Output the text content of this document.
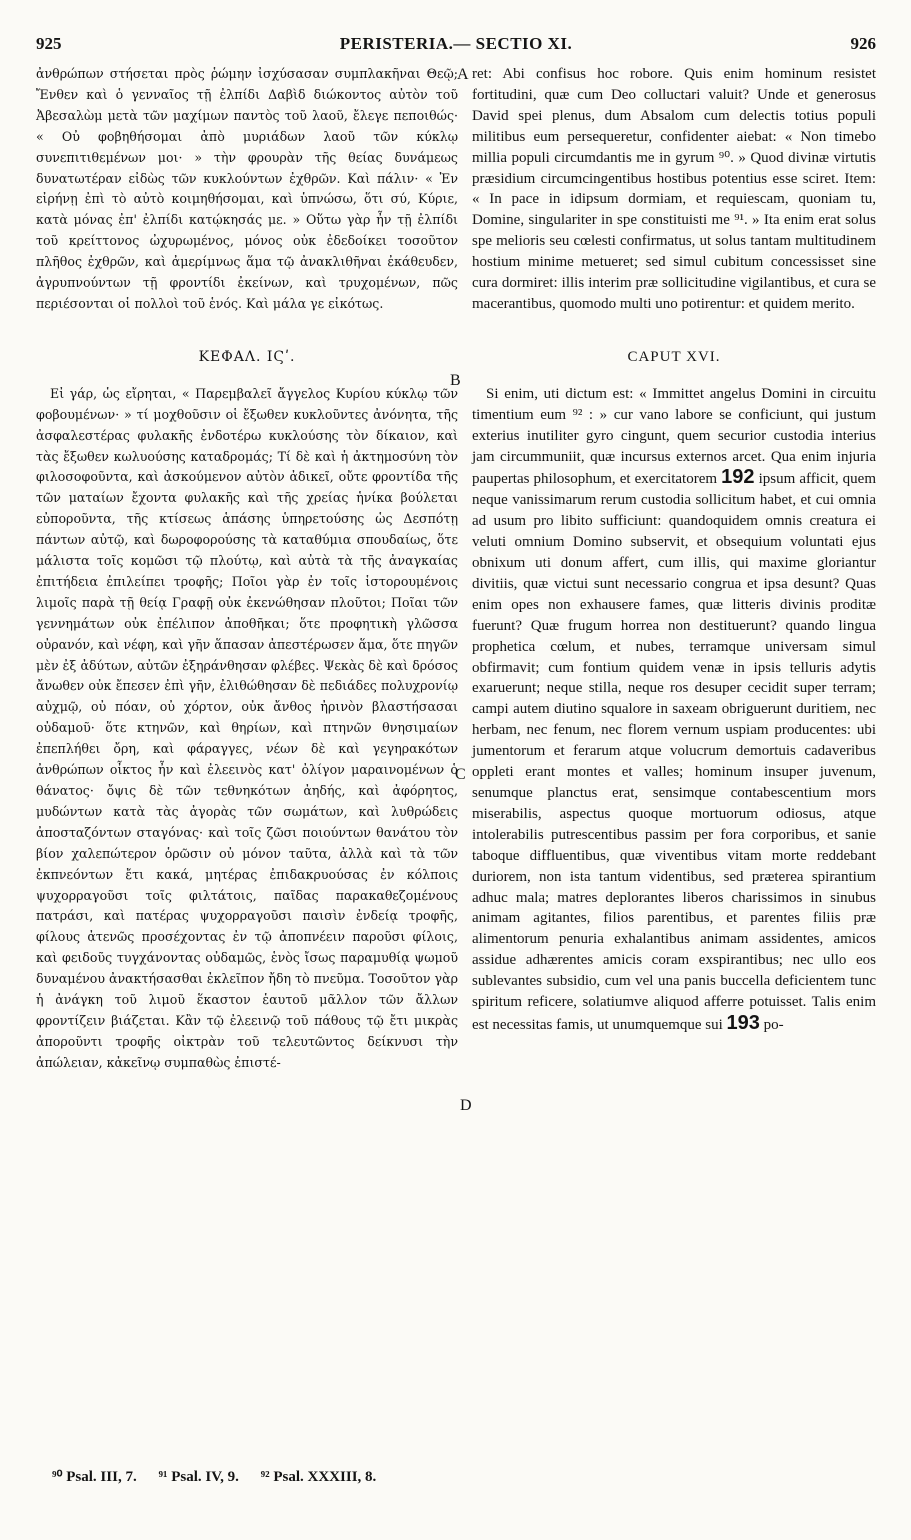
925	PERISTERIA.— SECTIO XI.	926

ἀνθρώπων στήσεται πρὸς ῥώμην ἰσχύσασαν συμπλακῆναι Θεῷ; Ἔνθεν καὶ ὁ γενναῖος τῇ ἐλπίδι Δαβὶδ διώκοντος αὐτὸν τοῦ Ἀβεσαλὼμ μετὰ τῶν μαχίμων παντὸς τοῦ λαοῦ, ἔλεγε πεποιθώς· « Οὐ φοβηθήσομαι ἀπὸ μυριάδων λαοῦ τῶν κύκλῳ συνεπιτιθεμένων μοι· » τὴν φρουρὰν τῆς θείας δυνάμεως δυνατωτέραν εἰδὼς τῶν κυκλούντων ἐχθρῶν. Καὶ πάλιν· « Ἐν εἰρήνῃ ἐπὶ τὸ αὐτὸ κοιμηθήσομαι, καὶ ὑπνώσω, ὅτι σύ, Κύριε, κατὰ μόνας ἐπ' ἐλπίδι κατῴκησάς με. » Οὕτω γὰρ ἦν τῇ ἐλπίδι τοῦ κρείττονος ὠχυρωμένος, μόνος οὐκ ἐδεδοίκει τοσοῦτον πλῆθος ἐχθρῶν, καὶ ἀμερίμνως ἅμα τῷ ἀνακλιθῆναι ἐκάθευδεν, ἀγρυπνούντων τῇ φροντίδι ἐκείνων, καὶ τρυχομένων, πῶς περιέσονται οἱ πολλοὶ τοῦ ἑνός. Καὶ μάλα γε εἰκότως.

ΚΕΦΑΛ. ΙϚʹ.

Εἰ γάρ, ὡς εἴρηται, « Παρεμβαλεῖ ἄγγελος Κυρίου κύκλῳ τῶν φοβουμένων· » τί μοχθοῦσιν οἱ ἔξωθεν κυκλοῦντες ἀνόνητα, τῆς ἀσφαλεστέρας φυλακῆς ἐνδοτέρω κυκλούσης τὸν δίκαιον, καὶ τὰς ἔξωθεν κωλυούσης καταδρομάς; Τί δὲ καὶ ἡ ἀκτημοσύνη τὸν φιλοσοφοῦντα, καὶ ἀσκούμενον αὐτὸν ἀδικεῖ, οὔτε φροντίδα τῆς τῶν ματαίων ἔχοντα φυλακῆς καὶ τῆς χρείας ἡνίκα βούλεται εὐποροῦντα, τῆς κτίσεως ἁπάσης ὑπηρετούσης ὡς Δεσπότῃ πάντων αὐτῷ, καὶ δωροφορούσης τὰ καταθύμια σπουδαίως, ὅτε μάλιστα τοῖς κομῶσι τῷ πλούτῳ, καὶ αὐτὰ τὰ τῆς ἀναγκαίας ἐπιτήδεια ἐπιλείπει τροφῆς; Ποῖοι γὰρ ἐν τοῖς ἱστορουμένοις λιμοῖς παρὰ τῇ θείᾳ Γραφῇ οὐκ ἐκενώθησαν πλοῦτοι; Ποῖαι τῶν γεννημάτων οὐκ ἐπέλιπον ἀποθῆκαι; ὅτε προφητικὴ γλῶσσα οὐρανόν, καὶ νέφη, καὶ γῆν ἅπασαν ἀπεστέρωσεν ἅμα, ὅτε πηγῶν μὲν ἐξ ἀδύτων, αὐτῶν ἐξηράνθησαν φλέβες. Ψεκὰς δὲ καὶ δρόσος ἄνωθεν οὐκ ἔπεσεν ἐπὶ γῆν, ἐλιθώθησαν δὲ πεδιάδες πολυχρονίῳ αὐχμῷ, οὐ πόαν, οὐ χόρτον, οὐκ ἄνθος ἠρινὸν βλαστήσασαι οὐδαμοῦ· ὅτε κτηνῶν, καὶ θηρίων, καὶ πτηνῶν θνησιμαίων ἐπεπλήθει ὄρη, καὶ φάραγγες, νέων δὲ καὶ γεγηρακότων ἀνθρώπων οἶκτος ἦν καὶ ἐλεεινὸς κατ' ὀλίγον μαραινομένων ὁ θάνατος· ὄψις δὲ τῶν τεθνηκότων ἀηδής, καὶ ἀφόρητος, μυδώντων κατὰ τὰς ἀγορὰς τῶν σωμάτων, καὶ λυθρώδεις ἀποσταζόντων σταγόνας· καὶ τοῖς ζῶσι ποιούντων θανάτου τὸν βίον χαλεπώτερον ὁρῶσιν οὐ μόνον ταῦτα, ἀλλὰ καὶ τὰ τῶν ἐκπνεόντων ἔτι κακά, μητέρας ἐπιδακρυούσας ἐν κόλποις ψυχορραγοῦσι τοῖς φιλτάτοις, παῖδας παρακαθεζομένους πατράσι, καὶ πατέρας ψυχορραγοῦσι παισὶν ἐνδείᾳ τροφῆς, φίλους ἀτενῶς προσέχοντας ἐν τῷ ἀποπνέειν παροῦσι φίλοις, καὶ φειδοῦς τυγχάνοντας οὐδαμῶς, ἑνὸς ἴσως παραμυθίᾳ ψωμοῦ δυναμένου ἀνακτήσασθαι ἐκλεῖπον ἤδη τὸ πνεῦμα. Τοσοῦτον γὰρ ἡ ἀνάγκη τοῦ λιμοῦ ἕκαστον ἑαυτοῦ μᾶλλον τῶν ἄλλων φροντίζειν βιάζεται. Κἂν τῷ ἐλεεινῷ τοῦ πάθους τῷ ἔτι μικρὰς ἀποροῦντι τροφῆς οἰκτρὰν τοῦ τελευτῶντος δείκνυσι τὴν ἀπώλειαν, κἀκεῖνῳ συμπαθὼς ἐπιστέ-

ret: Abi confisus hoc robore. Quis enim hominum resistet fortitudini, quæ cum Deo colluctari valuit? Unde et generosus David spei plenus, dum Absalom cum delectis totius populi militibus eum persequeretur, confidenter aiebat: « Non timebo millia populi circumdantis me in gyrum ⁹⁰. » Quod divinæ virtutis præsidium circumcingentibus hostibus potentius esse sciret. Item: « In pace in idipsum dormiam, et requiescam, quoniam tu, Domine, singulariter in spe constituisti me ⁹¹. » Ita enim erat solus spe melioris seu cœlesti confirmatus, ut solus tantam multitudinem hostium minime metueret; sed simul cubitum concessisset sine cura dormiret: illis interim præ sollicitudine vigilantibus, et cura se macerantibus, quomodo multi uno potirentur: et quidem merito.

CAPUT XVI.

Si enim, uti dictum est: « Immittet angelus Domini in circuitu timentium eum ⁹² : » cur vano labore se conficiunt, qui justum exterius inutiliter gyro cingunt, quem securior custodia interius jam circummuniit, quæ incursus externos arcet. Qua enim injuria paupertas philosophum, et exercitatorem 192 ipsum afficit, quem neque vanissimarum rerum custodia sollicitum habet, et cui omnia ad usum pro libito sufficiunt: quandoquidem omnis creatura ei veluti omnium Domino subservit, et obsequium voluntati ejus obnixum uti donum affert, cum illis, qui maxime gloriantur divitiis, quæ victui sunt necessario congrua et ipsa desunt? Quas enim opes non exhausere fames, quæ litteris divinis proditæ fuerunt? Quæ frugum horrea non destituerunt? quando lingua prophetica cœlum, et nubes, terramque universam simul obfirmavit; cum fontium quidem venæ in ipsis telluris adytis exaruerunt; neque stilla, neque ros desuper cecidit super terram; campi autem diutino squalore in saxeam obriguerunt duritiem, nec herbam, nec fenum, nec florem vernum uspiam producentes: ubi jumentorum et ferarum atque volucrum demortuis cadaveribus oppleti erant montes et valles; hominum insuper juvenum, senumque planctus erat, sensimque contabescentium mors miserabilis, aspectus quoque mortuorum odiosus, atque intolerabilis putrescentibus passim per fora corporibus, et sanie taboque diffluentibus, quæ viventibus vitam morte reddebant duriorem, non ista tantum videntibus, sed præterea spirantium adhuc mala; matres deplorantes liberos charissimos in sinubus animam agitantes, filios parentibus, et parentes filiis præ alimentorum penuria exhalantibus animam assidentes, amicos assidue adhærentes amicis coram exspirantibus; nec ullo eos sublevantes subsidio, cum vel una panis buccella deficientem tunc spiritum reficere, solatiumve aliquod afferre potuisset. Talis enim est necessitas famis, ut unumquemque sui 193 po-

A
B
C
D
⁹⁰ Psal. III, 7. ⁹¹ Psal. IV, 9. ⁹² Psal. XXXIII, 8.
